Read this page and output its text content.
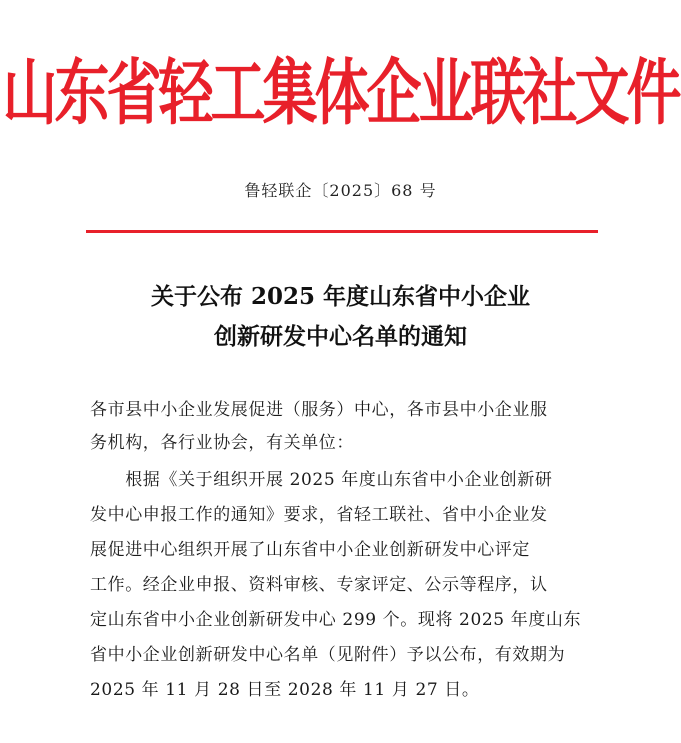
山东省轻工集体企业联社文件
鲁轻联企〔2025〕68 号
关于公布 2025 年度山东省中小企业
创新研发中心名单的通知
各市县中小企业发展促进（服务）中心，各市县中小企业服
务机构，各行业协会，有关单位：
　　根据《关于组织开展 2025 年度山东省中小企业创新研
发中心申报工作的通知》要求，省轻工联社、省中小企业发
展促进中心组织开展了山东省中小企业创新研发中心评定
工作。经企业申报、资料审核、专家评定、公示等程序，认
定山东省中小企业创新研发中心 299 个。现将 2025 年度山东
省中小企业创新研发中心名单（见附件）予以公布，有效期为
2025 年 11 月 28 日至 2028 年 11 月 27 日。
